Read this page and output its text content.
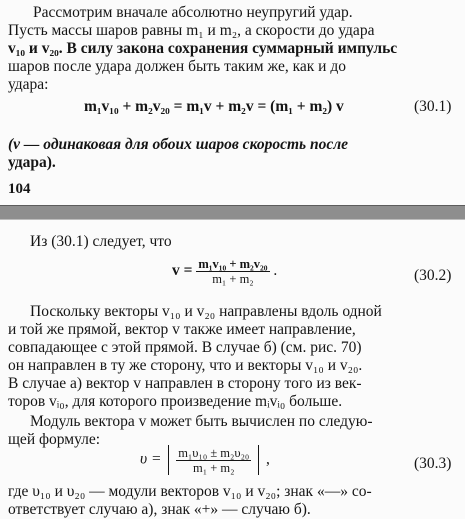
Рассмотрим вначале абсолютно неупругий удар.
Пусть массы шаров равны m₁ и m₂, а скорости до удара
v₁₀ и v₂₀. В силу закона сохранения суммарный импульс
шаров после удара должен быть таким же, как и до
удара:
m₁v₁₀ + m₂v₂₀ = m₁v + m₂v = (m₁ + m₂) v	(30.1)
(v — одинаковая для обоих шаров скорость после
удара).
104
Из (30.1) следует, что
$v = \frac{\text{m₁v₁₀ + m₂v₂₀}}{\text{m₁ + m₂}}$ .	(30.2)
Поскольку векторы v₁₀ и v₂₀ направлены вдоль одной
и той же прямой, вектор v также имеет направление,
совпадающее с этой прямой. В случае б) (см. рис. 70)
он направлен в ту же сторону, что и векторы v₁₀ и v₂₀.
В случае а) вектор v направлен в сторону того из век-
торов vᵢ₀, для которого произведение mᵢvᵢ₀ больше.
Модуль вектора v может быть вычислен по следую-
щей формуле:
$\upsilon = \frac{\text{m₁υ₁₀ ± m₂υ₂₀}}{\text{m₁ + m₂}}$ ,	(30.3)
где υ₁₀ и υ₂₀ — модули векторов v₁₀ и v₂₀; знак «—» со-
ответствует случаю а), знак «+» — случаю б).
